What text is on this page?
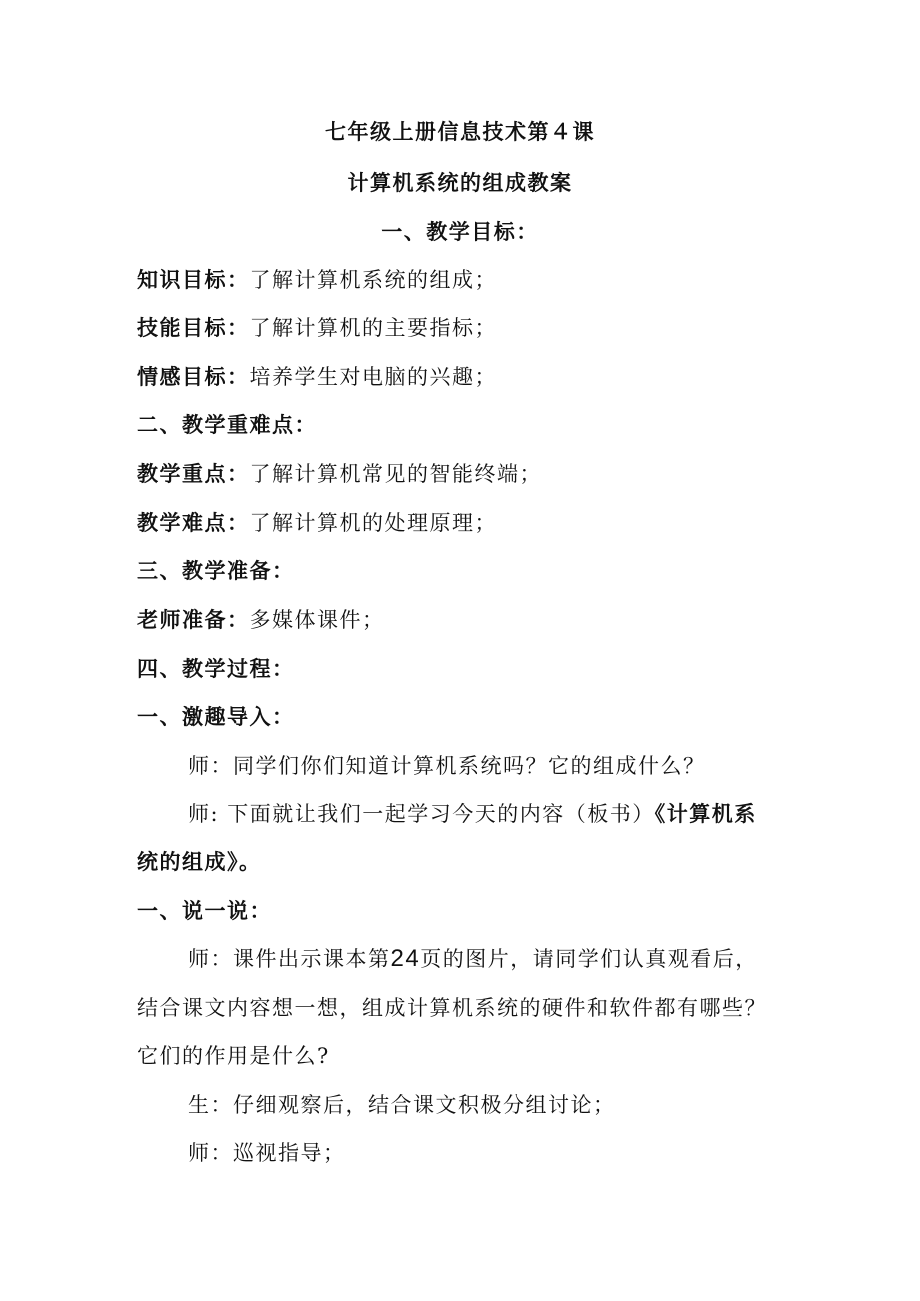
七年级上册信息技术第４课
计算机系统的组成教案
一、教学目标：
知识目标：了解计算机系统的组成；
技能目标：了解计算机的主要指标；
情感目标：培养学生对电脑的兴趣；
二、教学重难点：
教学重点：了解计算机常见的智能终端；
教学难点：了解计算机的处理原理；
三、教学准备：
老师准备：多媒体课件；
四、教学过程：
一、激趣导入：
师：同学们你们知道计算机系统吗？它的组成什么？
师: 下面就让我们一起学习今天的内容（板书）《计算机系
统的组成》。
一、说一说：
师：课件出示课本第24页的图片，请同学们认真观看后，
结合课文内容想一想，组成计算机系统的硬件和软件都有哪些？
它们的作用是什么?
生：仔细观察后，结合课文积极分组讨论；
师：巡视指导；
